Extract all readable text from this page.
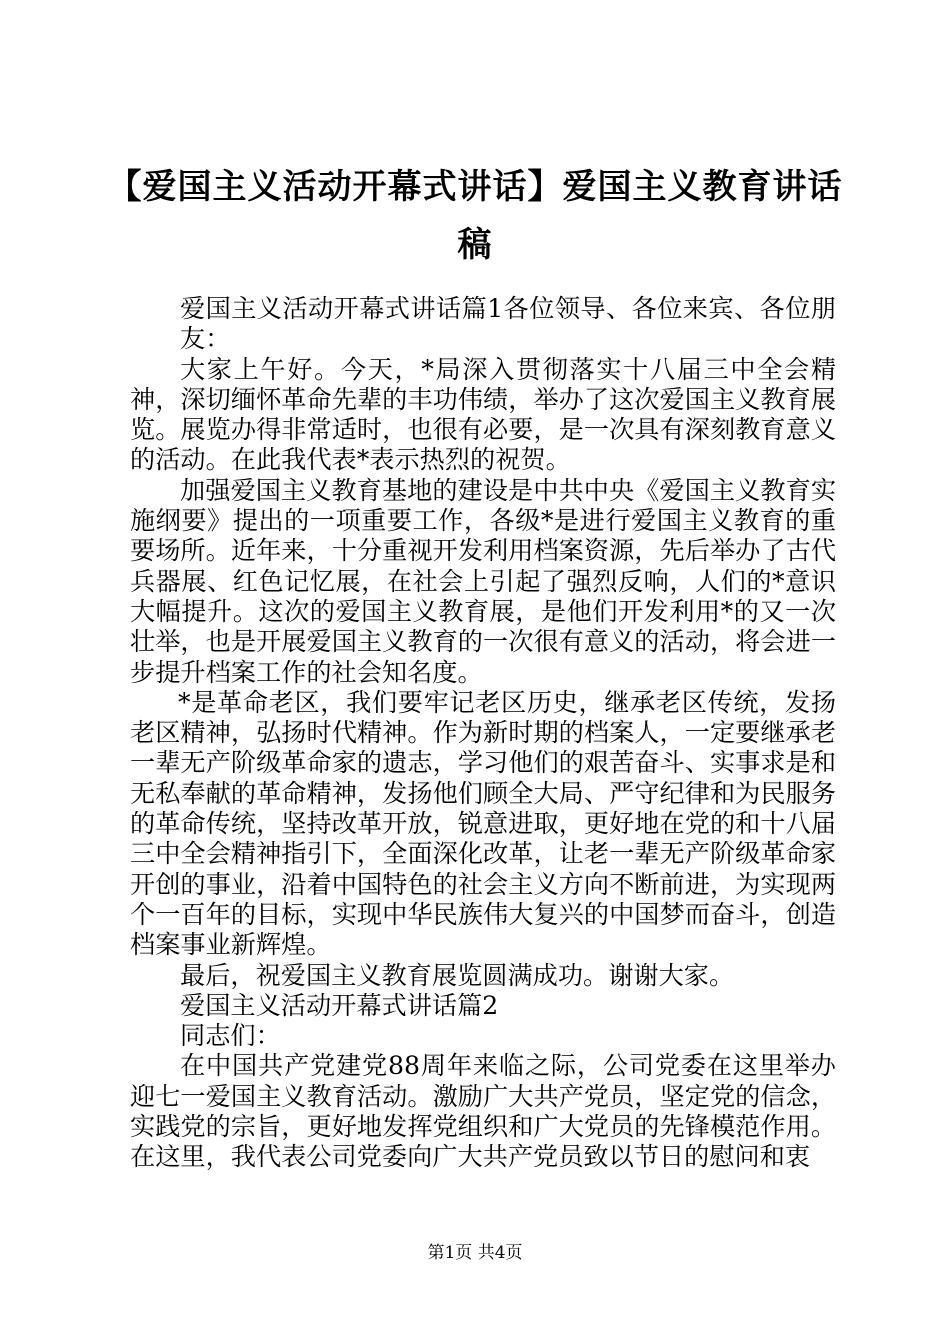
【爱国主义活动开幕式讲话】爱国主义教育讲话稿

爱国主义活动开幕式讲话篇1各位领导、各位来宾、各位朋友：

大家上午好。今天，*局深入贯彻落实十八届三中全会精神，深切缅怀革命先辈的丰功伟绩，举办了这次爱国主义教育展览。展览办得非常适时，也很有必要，是一次具有深刻教育意义的活动。在此我代表*表示热烈的祝贺。

加强爱国主义教育基地的建设是中共中央《爱国主义教育实施纲要》提出的一项重要工作，各级*是进行爱国主义教育的重要场所。近年来，十分重视开发利用档案资源，先后举办了古代兵器展、红色记忆展，在社会上引起了强烈反响，人们的*意识大幅提升。这次的爱国主义教育展，是他们开发利用*的又一次壮举，也是开展爱国主义教育的一次很有意义的活动，将会进一步提升档案工作的社会知名度。

*是革命老区，我们要牢记老区历史，继承老区传统，发扬老区精神，弘扬时代精神。作为新时期的档案人，一定要继承老一辈无产阶级革命家的遗志，学习他们的艰苦奋斗、实事求是和无私奉献的革命精神，发扬他们顾全大局、严守纪律和为民服务的革命传统，坚持改革开放，锐意进取，更好地在党的和十八届三中全会精神指引下，全面深化改革，让老一辈无产阶级革命家开创的事业，沿着中国特色的社会主义方向不断前进，为实现两个一百年的目标，实现中华民族伟大复兴的中国梦而奋斗，创造档案事业新辉煌。

最后，祝爱国主义教育展览圆满成功。谢谢大家。

爱国主义活动开幕式讲话篇2

同志们：

在中国共产党建党88周年来临之际，公司党委在这里举办迎七一爱国主义教育活动。激励广大共产党员，坚定党的信念，实践党的宗旨，更好地发挥党组织和广大党员的先锋模范作用。在这里，我代表公司党委向广大共产党员致以节日的慰问和衷

第1页 共4页
